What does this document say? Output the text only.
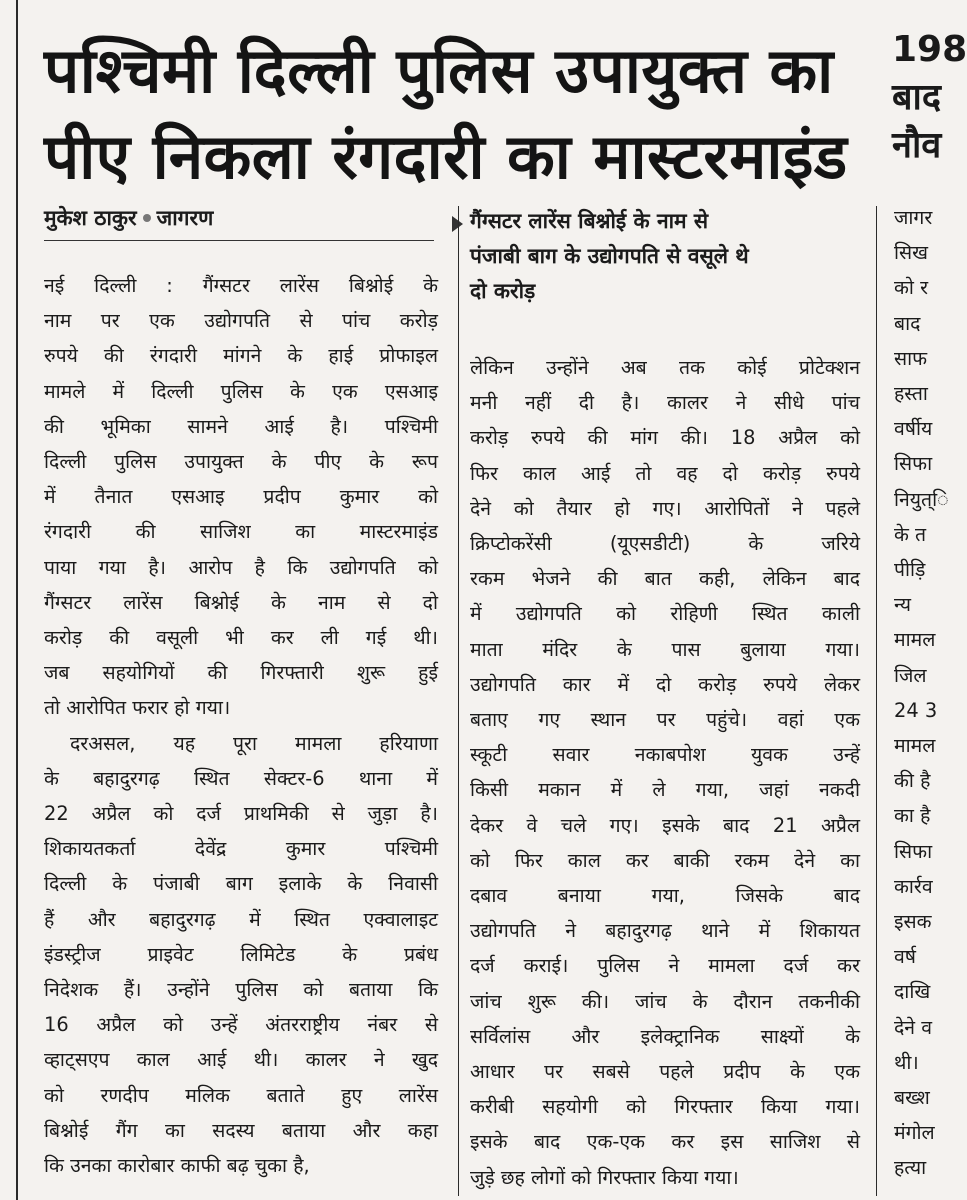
पश्चिमी दिल्ली पुलिस उपायुक्त का
पीए निकला रंगदारी का मास्टरमाइंड
मुकेश ठाकुर जागरण	गैंग्सटर लारेंस बिश्नोई के नाम से
पंजाबी बाग के उद्योगपति से वसूले थे
दो करोड़
नई दिल्ली : गैंग्सटर लारेंस बिश्नोई के
नाम पर एक उद्योगपति से पांच करोड़
रुपये की रंगदारी मांगने के हाई प्रोफाइल
मामले में दिल्ली पुलिस के एक एसआइ
की भूमिका सामने आई है। पश्चिमी
दिल्ली पुलिस उपायुक्त के पीए के रूप
में तैनात एसआइ प्रदीप कुमार को
रंगदारी की साजिश का मास्टरमाइंड
पाया गया है। आरोप है कि उद्योगपति को
गैंग्सटर लारेंस बिश्नोई के नाम से दो
करोड़ की वसूली भी कर ली गई थी।
जब सहयोगियों की गिरफ्तारी शुरू हुई
तो आरोपित फरार हो गया।
दरअसल, यह पूरा मामला हरियाणा
के बहादुरगढ़ स्थित सेक्टर-6 थाना में
22 अप्रैल को दर्ज प्राथमिकी से जुड़ा है।
शिकायतकर्ता देवेंद्र कुमार पश्चिमी
दिल्ली के पंजाबी बाग इलाके के निवासी
हैं और बहादुरगढ़ में स्थित एक्वालाइट
इंडस्ट्रीज प्राइवेट लिमिटेड के प्रबंध
निदेशक हैं। उन्होंने पुलिस को बताया कि
16 अप्रैल को उन्हें अंतरराष्ट्रीय नंबर से
व्हाट्सएप काल आई थी। कालर ने खुद
को रणदीप मलिक बताते हुए लारेंस
बिश्नोई गैंग का सदस्य बताया और कहा
कि उनका कारोबार काफी बढ़ चुका है,
लेकिन उन्होंने अब तक कोई प्रोटेक्शन
मनी नहीं दी है। कालर ने सीधे पांच
करोड़ रुपये की मांग की। 18 अप्रैल को
फिर काल आई तो वह दो करोड़ रुपये
देने को तैयार हो गए। आरोपितों ने पहले
क्रिप्टोकरेंसी (यूएसडीटी) के जरिये
रकम भेजने की बात कही, लेकिन बाद
में उद्योगपति को रोहिणी स्थित काली
माता मंदिर के पास बुलाया गया।
उद्योगपति कार में दो करोड़ रुपये लेकर
बताए गए स्थान पर पहुंचे। वहां एक
स्कूटी सवार नकाबपोश युवक उन्हें
किसी मकान में ले गया, जहां नकदी
देकर वे चले गए। इसके बाद 21 अप्रैल
को फिर काल कर बाकी रकम देने का
दबाव बनाया गया, जिसके बाद
उद्योगपति ने बहादुरगढ़ थाने में शिकायत
दर्ज कराई। पुलिस ने मामला दर्ज कर
जांच शुरू की। जांच के दौरान तकनीकी
सर्विलांस और इलेक्ट्रानिक साक्ष्यों के
आधार पर सबसे पहले प्रदीप के एक
करीबी सहयोगी को गिरफ्तार किया गया।
इसके बाद एक-एक कर इस साजिश से
जुड़े छह लोगों को गिरफ्तार किया गया।
198
बाद
नौव
जागर
सिख
को र
बाद
साफ
हस्ता
वर्षीय
सिफा
नियुत्ि
के त
पीड़ि
न्य
मामल
जिल
24 3
मामल
की है
का है
सिफा
कार्रव
इसक
वर्ष
दाखि
देने व
थी।
बख्श
मंगोल
हत्या
